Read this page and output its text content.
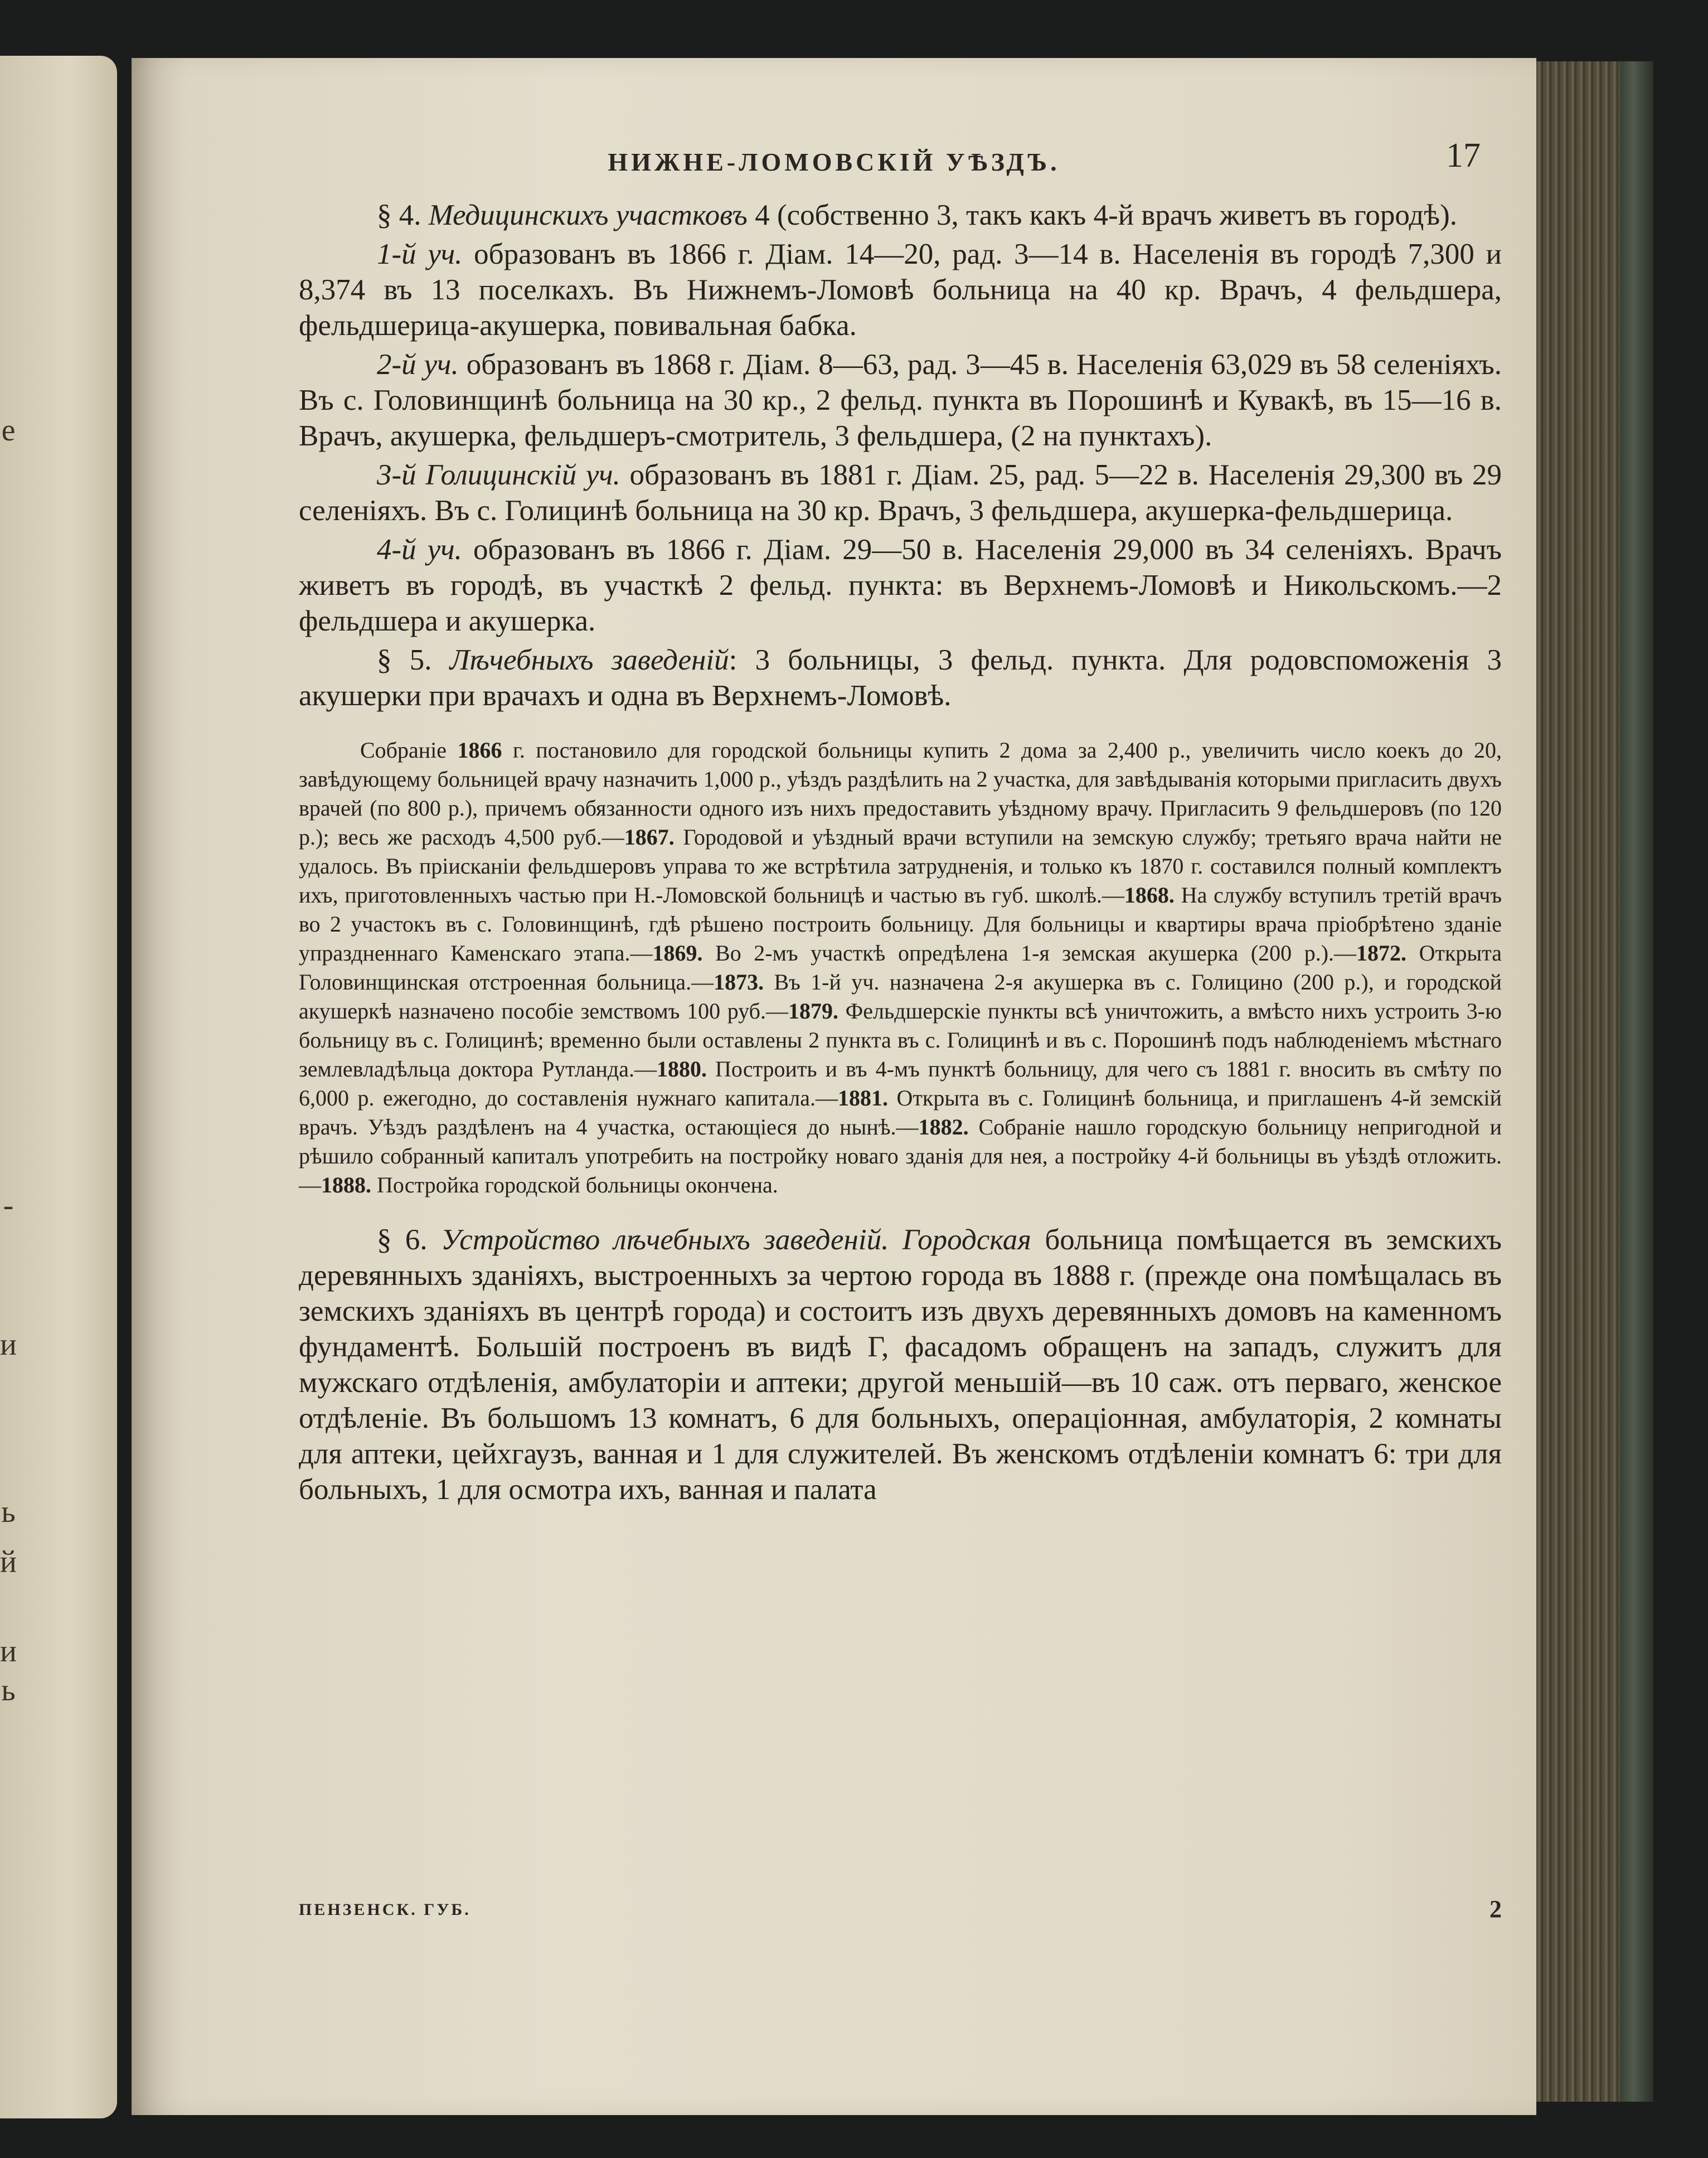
е
-
и
ь
й
и
ь
НИЖНЕ-ЛОМОВСКІЙ УѢЗДЪ.	17

§ 4. Медицинскихъ участковъ 4 (собственно 3, такъ какъ 4-й врачъ живетъ въ городѣ).

1-й уч. образованъ въ 1866 г. Діам. 14—20, рад. 3—14 в. Населенія въ городѣ 7,300 и 8,374 въ 13 поселкахъ. Въ Нижнемъ-Ломовѣ больница на 40 кр. Врачъ, 4 фельдшера, фельдшерица-акушерка, повивальная бабка.

2-й уч. образованъ въ 1868 г. Діам. 8—63, рад. 3—45 в. Населенія 63,029 въ 58 селеніяхъ. Въ с. Головинщинѣ больница на 30 кр., 2 фельд. пункта въ Порошинѣ и Кувакѣ, въ 15—16 в. Врачъ, акушерка, фельдшеръ-смотритель, 3 фельдшера, (2 на пунктахъ).

3-й Голицинскій уч. образованъ въ 1881 г. Діам. 25, рад. 5—22 в. Населенія 29,300 въ 29 селеніяхъ. Въ с. Голицинѣ больница на 30 кр. Врачъ, 3 фельдшера, акушерка-фельдшерица.

4-й уч. образованъ въ 1866 г. Діам. 29—50 в. Населенія 29,000 въ 34 селеніяхъ. Врачъ живетъ въ городѣ, въ участкѣ 2 фельд. пункта: въ Верхнемъ-Ломовѣ и Никольскомъ.—2 фельдшера и акушерка.

§ 5. Лѣчебныхъ заведеній: 3 больницы, 3 фельд. пункта. Для родовспоможенія 3 акушерки при врачахъ и одна въ Верхнемъ-Ломовѣ.

Собраніе 1866 г. постановило для городской больницы купить 2 дома за 2,400 р., увеличить число коекъ до 20, завѣдующему больницей врачу назначить 1,000 р., уѣздъ раздѣлить на 2 участка, для завѣдыванія которыми пригласить двухъ врачей (по 800 р.), причемъ обязанности одного изъ нихъ предоставить уѣздному врачу. Пригласить 9 фельдшеровъ (по 120 р.); весь же расходъ 4,500 руб.—1867. Городовой и уѣздный врачи вступили на земскую службу; третьяго врача найти не удалось. Въ пріисканіи фельдшеровъ управа то же встрѣтила затрудненія, и только къ 1870 г. составился полный комплектъ ихъ, приготовленныхъ частью при Н.-Ломовской больницѣ и частью въ губ. школѣ.—1868. На службу вступилъ третій врачъ во 2 участокъ въ с. Головинщинѣ, гдѣ рѣшено построить больницу. Для больницы и квартиры врача пріобрѣтено зданіе упраздненнаго Каменскаго этапа.—1869. Во 2-мъ участкѣ опредѣлена 1-я земская акушерка (200 р.).—1872. Открыта Головинщинская отстроенная больница.—1873. Въ 1-й уч. назначена 2-я акушерка въ с. Голицино (200 р.), и городской акушеркѣ назначено пособіе земствомъ 100 руб.—1879. Фельдшерскіе пункты всѣ уничтожить, а вмѣсто нихъ устроить 3-ю больницу въ с. Голицинѣ; временно были оставлены 2 пункта въ с. Голицинѣ и въ с. Порошинѣ подъ наблюденіемъ мѣстнаго землевладѣльца доктора Рутланда.—1880. Построить и въ 4-мъ пунктѣ больницу, для чего съ 1881 г. вносить въ смѣту по 6,000 р. ежегодно, до составленія нужнаго капитала.—1881. Открыта въ с. Голицинѣ больница, и приглашенъ 4-й земскій врачъ. Уѣздъ раздѣленъ на 4 участка, остающіеся до нынѣ.—1882. Собраніе нашло городскую больницу непригодной и рѣшило собранный капиталъ употребить на постройку новаго зданія для нея, а постройку 4-й больницы въ уѣздѣ отложить.—1888. Постройка городской больницы окончена.

§ 6. Устройство лѣчебныхъ заведеній. Городская больница помѣщается въ земскихъ деревянныхъ зданіяхъ, выстроенныхъ за чертою города въ 1888 г. (прежде она помѣщалась въ земскихъ зданіяхъ въ центрѣ города) и состоитъ изъ двухъ деревянныхъ домовъ на каменномъ фундаментѣ. Большій построенъ въ видѣ Г, фасадомъ обращенъ на западъ, служитъ для мужскаго отдѣленія, амбулаторіи и аптеки; другой меньшій—въ 10 саж. отъ перваго, женское отдѣленіе. Въ большомъ 13 комнатъ, 6 для больныхъ, операціонная, амбулаторія, 2 комнаты для аптеки, цейхгаузъ, ванная и 1 для служителей. Въ женскомъ отдѣленіи комнатъ 6: три для больныхъ, 1 для осмотра ихъ, ванная и палата

ПЕНЗЕНСК. ГУБ.	2
